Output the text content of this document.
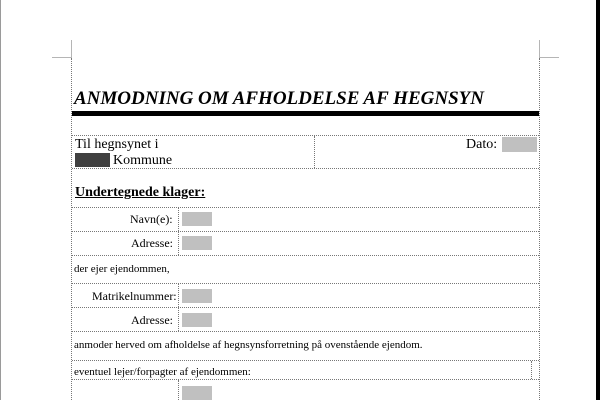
ANMODNING OM AFHOLDELSE AF HEGNSYN
Til hegnsynet i
Kommune
Dato:
Undertegnede klager:
Navn(e):
Adresse:
der ejer ejendommen,
Matrikelnummer:
Adresse:
anmoder herved om afholdelse af hegnsynsforretning på ovenstående ejendom.
eventuel lejer/forpagter af ejendommen:
